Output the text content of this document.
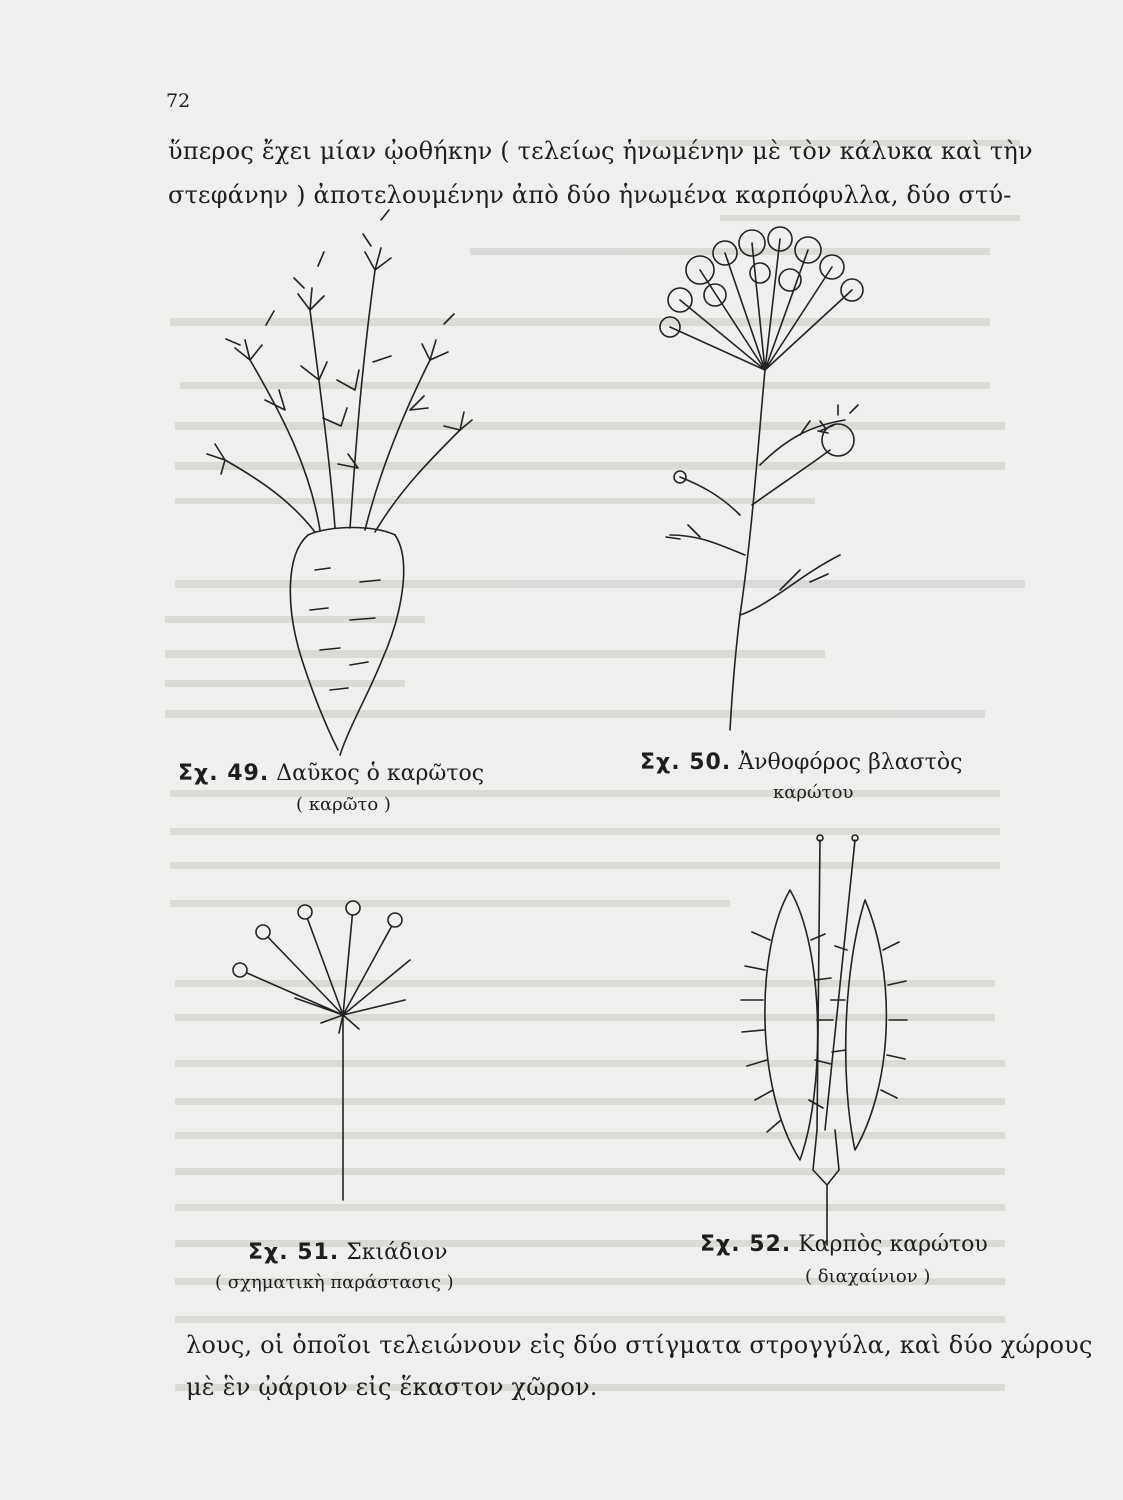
72
ὕπερος ἔχει μίαν ᾠοθήκην ( τελείως ἡνωμένην μὲ τὸν κάλυκα καὶ τὴν
στεφάνην ) ἀποτελουμένην ἀπὸ δύο ἡνωμένα καρπόφυλλα, δύο στύ-
Σχ. 49. Δαῦκος ὁ καρῶτος
( καρῶτο )
Σχ. 50. Ἀνθοφόρος βλαστὸς
καρώτου
Σχ. 51. Σκιάδιον
( σχηματικὴ παράστασις )
Σχ. 52. Καρπὸς καρώτου
( διαχαίνιον )
λους, οἱ ὁποῖοι τελειώνουν εἰς δύο στίγματα στρογγύλα, καὶ δύο χώρους
μὲ ἓν ᾠάριον εἰς ἕκαστον χῶρον.
